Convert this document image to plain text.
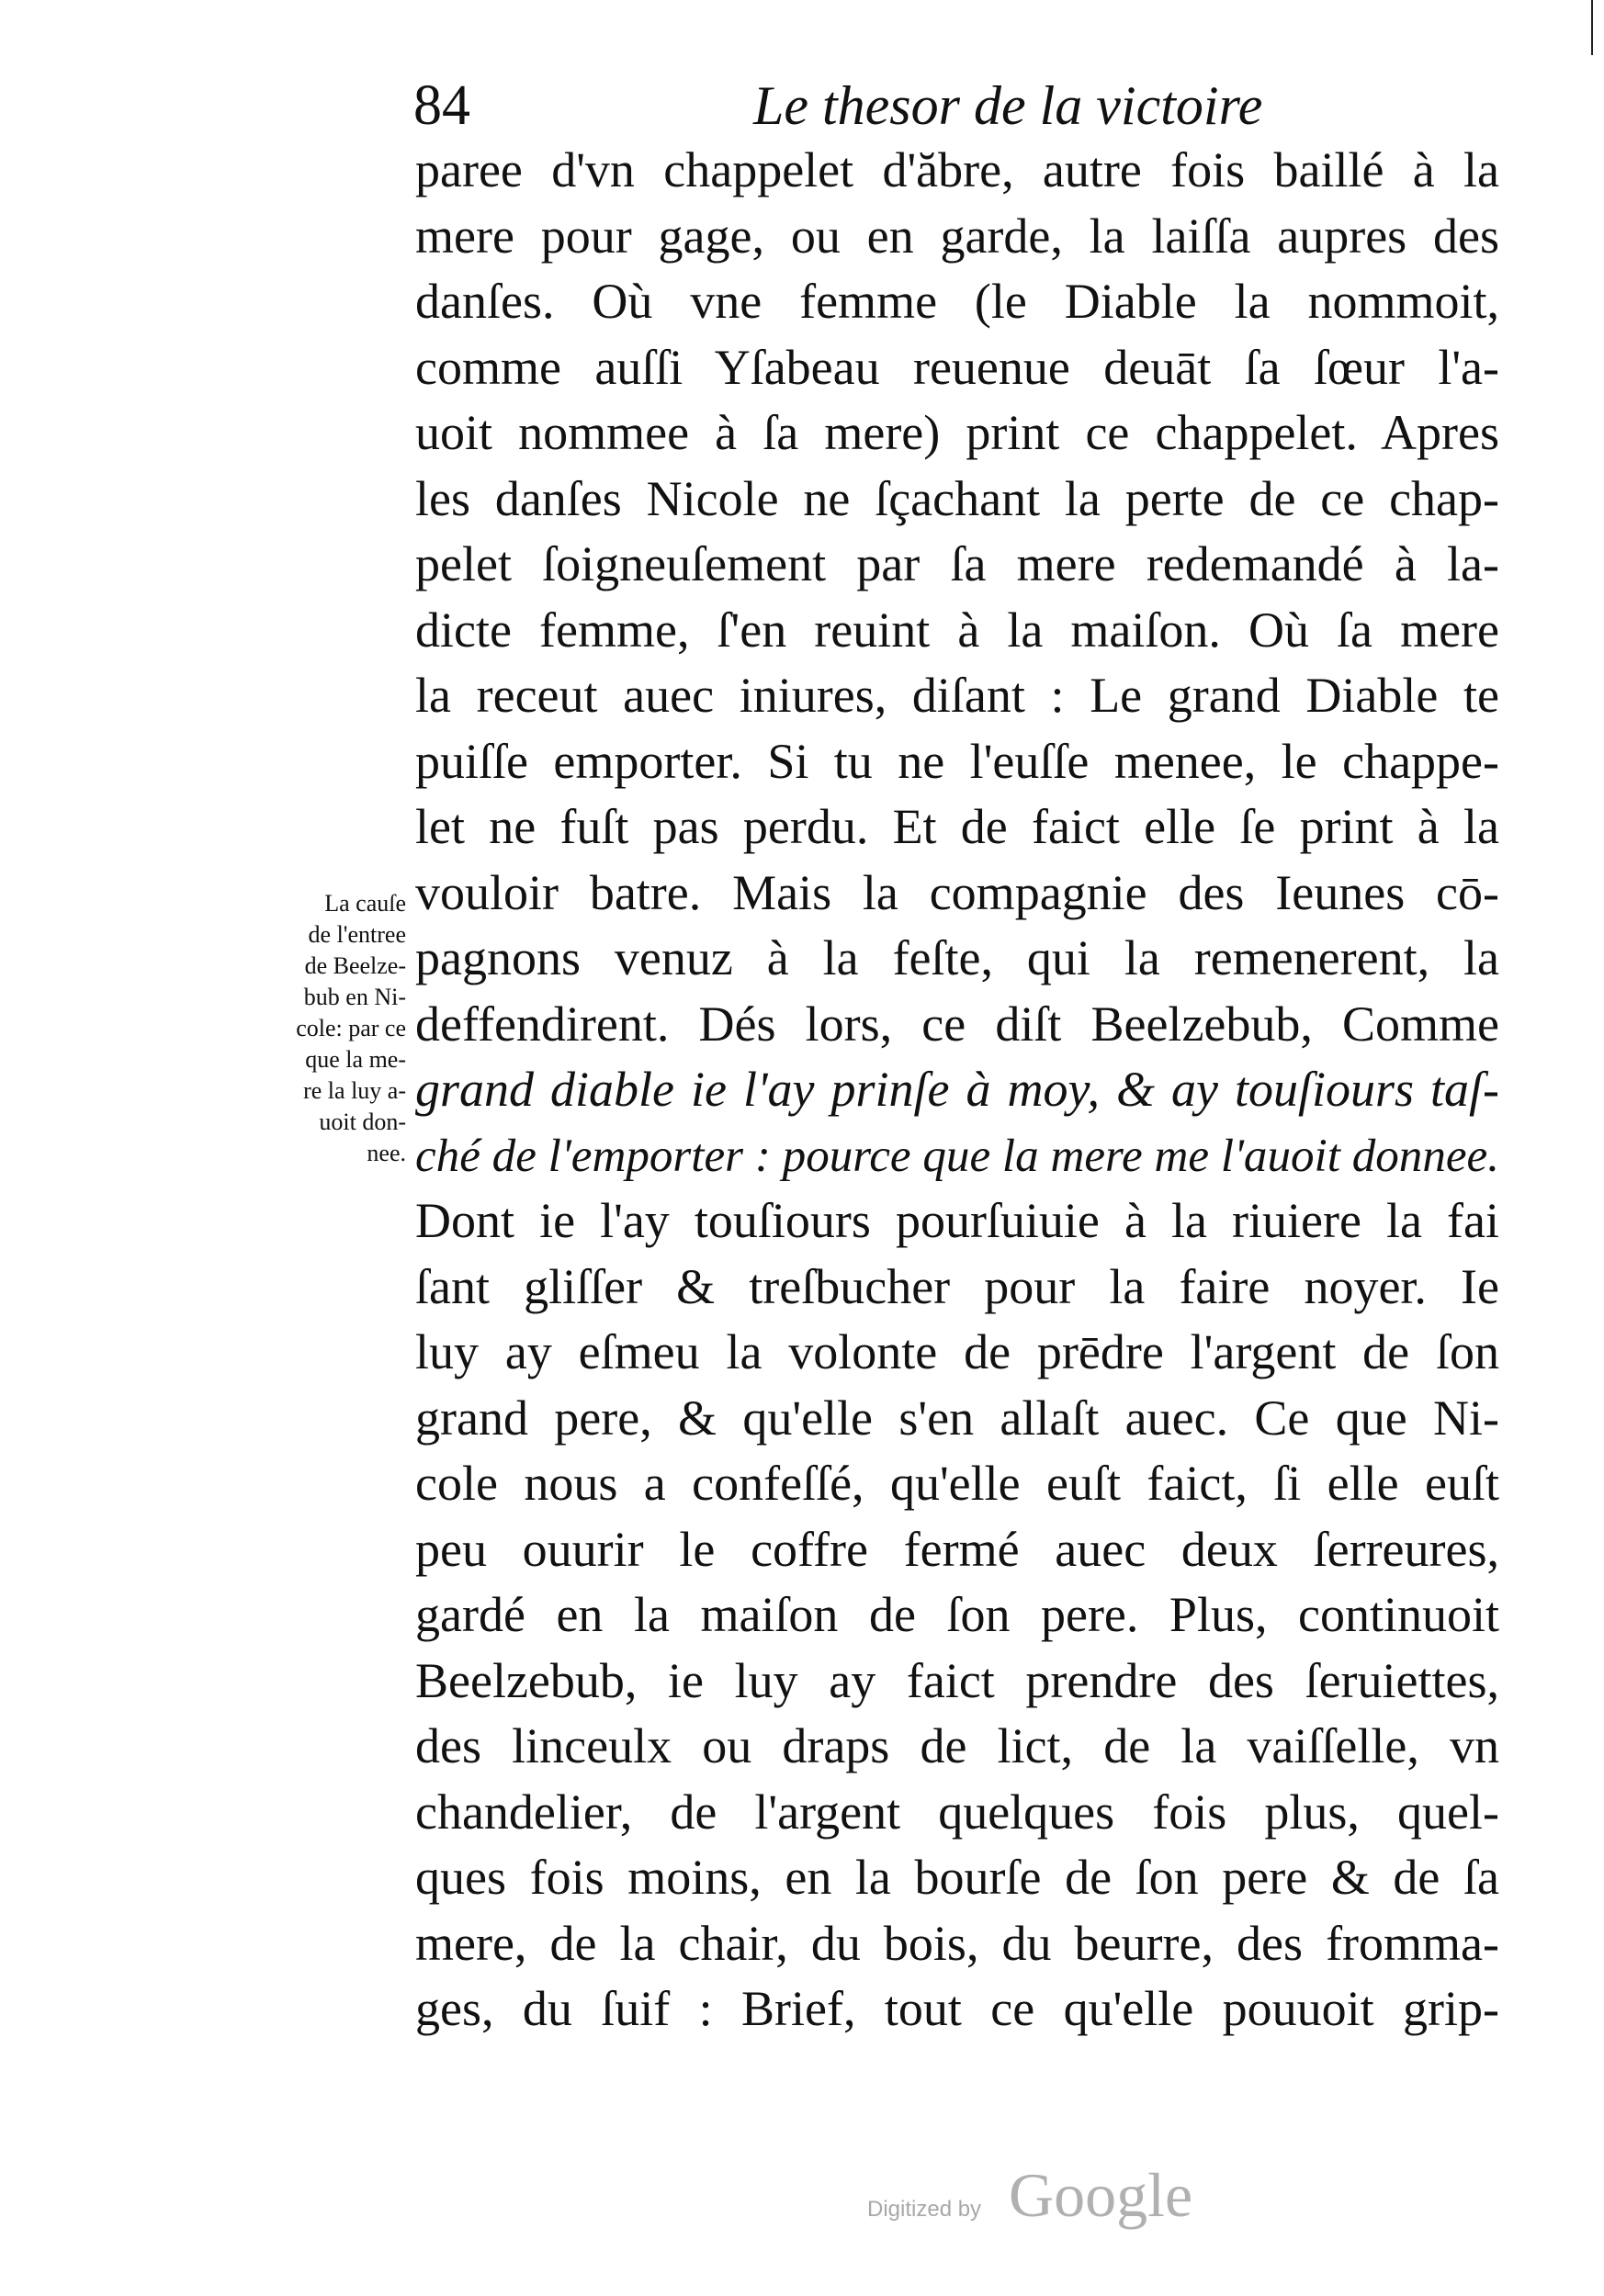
84	Le thesor de la victoire
paree d'vn chappelet d'ăbre, autre fois baillé à la
mere pour gage, ou en garde, la laiſſa aupres des
danſes. Où vne femme (le Diable la nommoit,
comme auſſi Yſabeau reuenue deuāt ſa ſœur l'a-
uoit nommee à ſa mere) print ce chappelet. Apres
les danſes Nicole ne ſçachant la perte de ce chap-
pelet ſoigneuſement par ſa mere redemandé à la-
dicte femme, ſ'en reuint à la maiſon. Où ſa mere
la receut auec iniures, diſant : Le grand Diable te
puiſſe emporter. Si tu ne l'euſſe menee, le chappe-
let ne fuſt pas perdu. Et de faict elle ſe print à la
vouloir batre. Mais la compagnie des Ieunes cō-
pagnons venuz à la feſte, qui la remenerent, la
deffendirent. Dés lors, ce diſt Beelzebub, Comme
grand diable ie l'ay prinſe à moy, & ay touſiours taſ-
ché de l'emporter : pource que la mere me l'auoit donnee.
Dont ie l'ay touſiours pourſuiuie à la riuiere la fai
ſant gliſſer & treſbucher pour la faire noyer. Ie
luy ay eſmeu la volonte de prēdre l'argent de ſon
grand pere, & qu'elle s'en allaſt auec. Ce que Ni-
cole nous a confeſſé, qu'elle euſt faict, ſi elle euſt
peu ouurir le coffre fermé auec deux ſerreures,
gardé en la maiſon de ſon pere. Plus, continuoit
Beelzebub, ie luy ay faict prendre des ſeruiettes,
des linceulx ou draps de lict, de la vaiſſelle, vn
chandelier, de l'argent quelques fois plus, quel-
ques fois moins, en la bourſe de ſon pere & de ſa
mere, de la chair, du bois, du beurre, des fromma-
ges, du ſuif : Brief, tout ce qu'elle pouuoit grip-
La cauſe
de l'entree
de Beelze-
bub en Ni-
cole: par ce
que la me-
re la luy a-
uoit don-
nee.
Digitized by Google
